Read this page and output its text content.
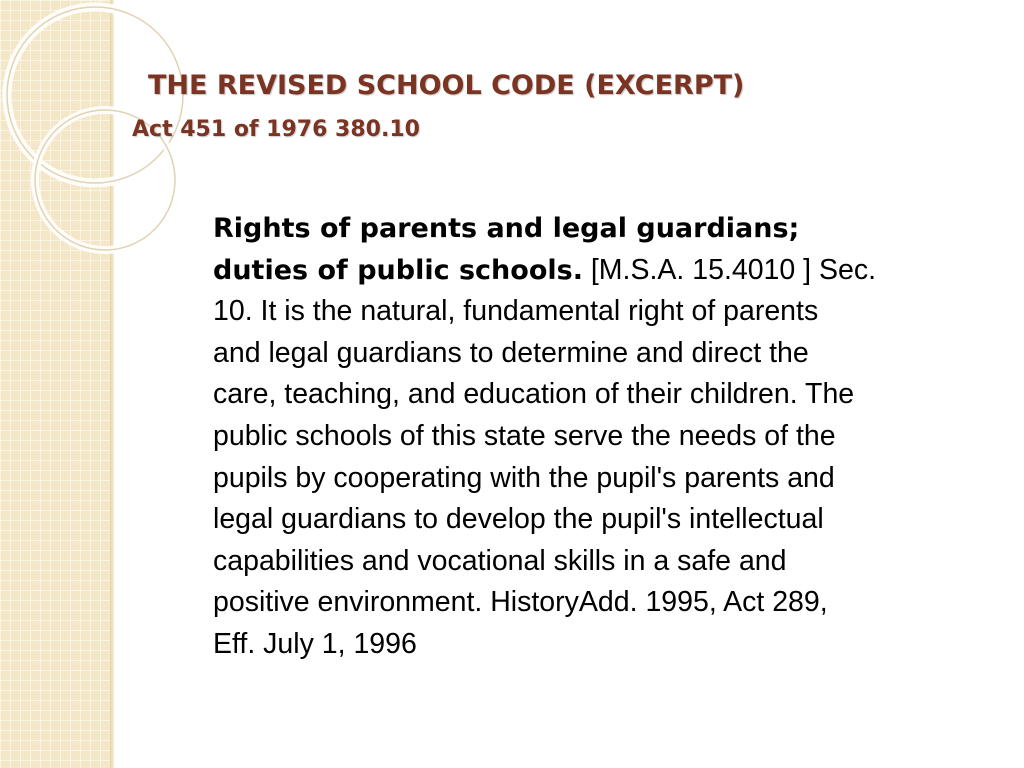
THE REVISED SCHOOL CODE (EXCERPT)
Act 451 of 1976 380.10

Rights of parents and legal guardians;
duties of public schools. [M.S.A. 15.4010 ] Sec.
10. It is the natural, fundamental right of parents
and legal guardians to determine and direct the
care, teaching, and education of their children. The
public schools of this state serve the needs of the
pupils by cooperating with the pupil's parents and
legal guardians to develop the pupil's intellectual
capabilities and vocational skills in a safe and
positive environment. HistoryAdd. 1995, Act 289,
Eff. July 1, 1996
